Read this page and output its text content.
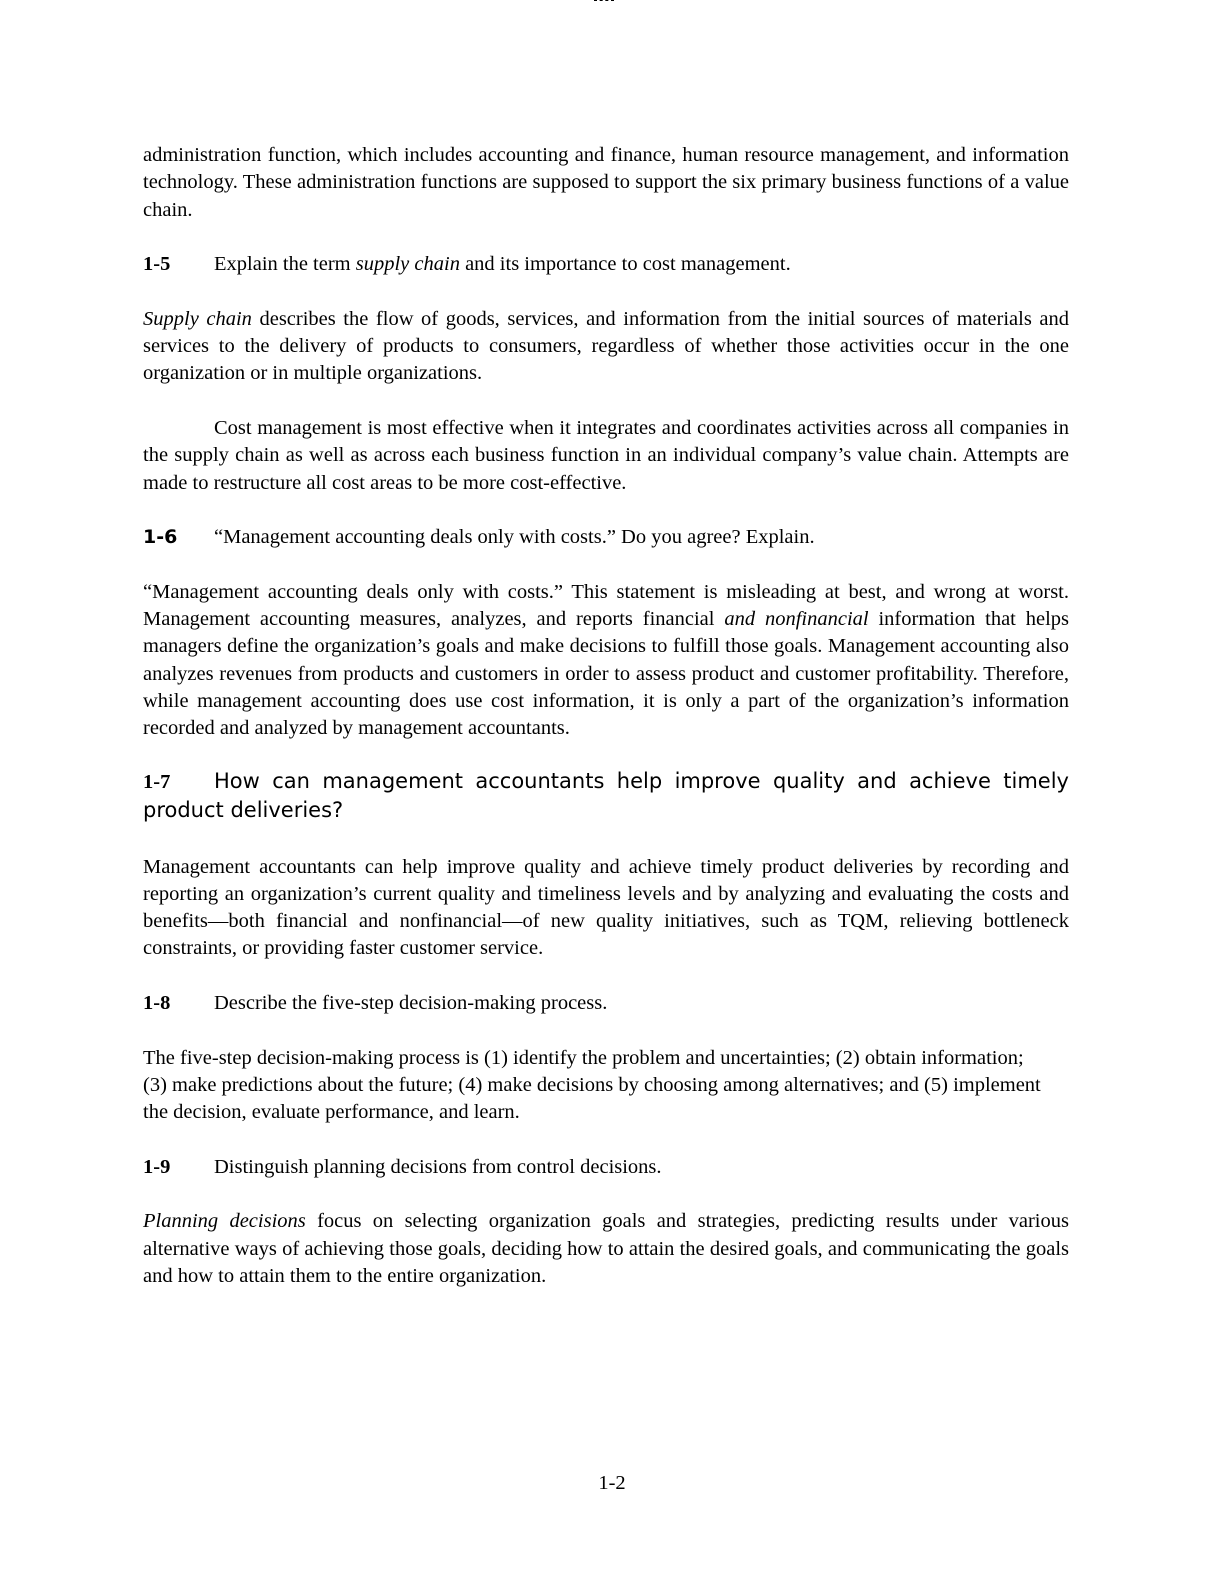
administration function, which includes accounting and finance, human resource management, and information technology. These administration functions are supposed to support the six primary business functions of a value chain.

1-5 Explain the term supply chain and its importance to cost management.

Supply chain describes the flow of goods, services, and information from the initial sources of materials and services to the delivery of products to consumers, regardless of whether those activities occur in the one organization or in multiple organizations.

Cost management is most effective when it integrates and coordinates activities across all companies in the supply chain as well as across each business function in an individual company’s value chain. Attempts are made to restructure all cost areas to be more cost-effective.

1-6 “Management accounting deals only with costs.” Do you agree? Explain.

“Management accounting deals only with costs.” This statement is misleading at best, and wrong at worst. Management accounting measures, analyzes, and reports financial and nonfinancial information that helps managers define the organization’s goals and make decisions to fulfill those goals. Management accounting also analyzes revenues from products and customers in order to assess product and customer profitability. Therefore, while management accounting does use cost information, it is only a part of the organization’s information recorded and analyzed by management accountants.

1-7 How can management accountants help improve quality and achieve timely product deliveries?

Management accountants can help improve quality and achieve timely product deliveries by recording and reporting an organization’s current quality and timeliness levels and by analyzing and evaluating the costs and benefits—both financial and nonfinancial—of new quality initiatives, such as TQM, relieving bottleneck constraints, or providing faster customer service.

1-8 Describe the five-step decision-making process.

The five-step decision-making process is (1) identify the problem and uncertainties; (2) obtain information; (3) make predictions about the future; (4) make decisions by choosing among alternatives; and (5) implement the decision, evaluate performance, and learn.

1-9 Distinguish planning decisions from control decisions.

Planning decisions focus on selecting organization goals and strategies, predicting results under various alternative ways of achieving those goals, deciding how to attain the desired goals, and communicating the goals and how to attain them to the entire organization.

1-2
